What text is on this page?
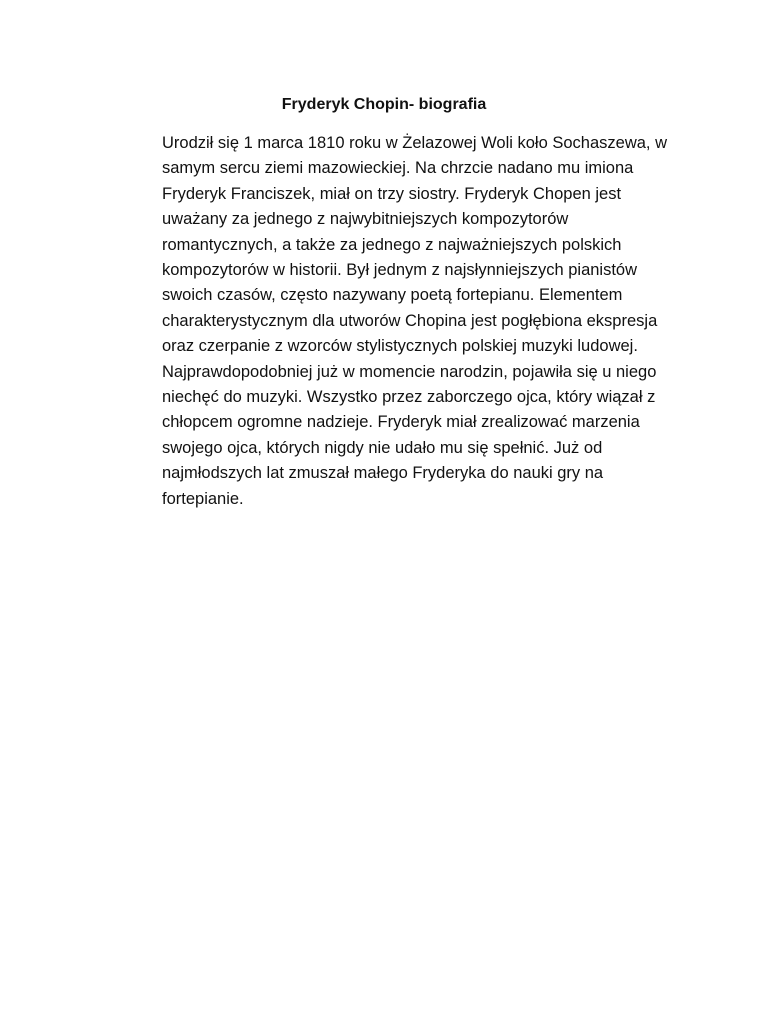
Fryderyk Chopin- biografia

Urodził się 1 marca 1810 roku w Żelazowej Woli koło Sochaszewa, w
samym sercu ziemi mazowieckiej. Na chrzcie nadano mu imiona
Fryderyk Franciszek, miał on trzy siostry. Fryderyk Chopen jest
uważany za jednego z najwybitniejszych kompozytorów
romantycznych, a także za jednego z najważniejszych polskich
kompozytorów w historii. Był jednym z najsłynniejszych pianistów
swoich czasów, często nazywany poetą fortepianu. Elementem
charakterystycznym dla utworów Chopina jest pogłębiona ekspresja
oraz czerpanie z wzorców stylistycznych polskiej muzyki ludowej.
Najprawdopodobniej już w momencie narodzin, pojawiła się u niego
niechęć do muzyki. Wszystko przez zaborczego ojca, który wiązał z
chłopcem ogromne nadzieje. Fryderyk miał zrealizować marzenia
swojego ojca, których nigdy nie udało mu się spełnić. Już od
najmłodszych lat zmuszał małego Fryderyka do nauki gry na
fortepianie.
